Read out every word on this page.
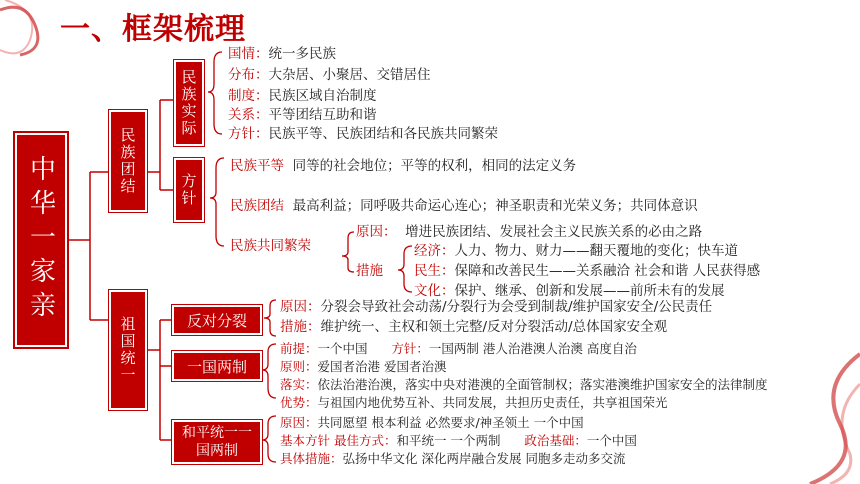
一、框架梳理
中华一家亲	民族团结
祖国统一
民族实际
方针
反对分裂
一国两制
和平统一一国两制
国情：统一多民族
分布：大杂居、小聚居、交错居住
制度：民族区域自治制度
关系：平等团结互助和谐
方针：民族平等、民族团结和各民族共同繁荣
民族平等 同等的社会地位；平等的权利，相同的法定义务
民族团结 最高利益；同呼吸共命运心连心；神圣职责和光荣义务；共同体意识
民族共同繁荣
原因： 增进民族团结、发展社会主义民族关系的必由之路
措施
经济：人力、物力、财力——翻天覆地的变化；快车道
民生：保障和改善民生——关系融洽 社会和谐 人民获得感
文化：保护、继承、创新和发展——前所未有的发展
原因：分裂会导致社会动荡/分裂行为会受到制裁/维护国家安全/公民责任
措施：维护统一、主权和领土完整/反对分裂活动/总体国家安全观
前提：一个中国 方针：一国两制 港人治港澳人治澳 高度自治
原则：爱国者治港 爱国者治澳
落实：依法治港治澳，落实中央对港澳的全面管制权；落实港澳维护国家安全的法律制度
优势：与祖国内地优势互补、共同发展，共担历史责任，共享祖国荣光
原因：共同愿望 根本利益 必然要求/神圣领土 一个中国
基本方针 最佳方式：和平统一 一个两制 政治基础：一个中国
具体措施：弘扬中华文化 深化两岸融合发展 同胞多走动多交流
